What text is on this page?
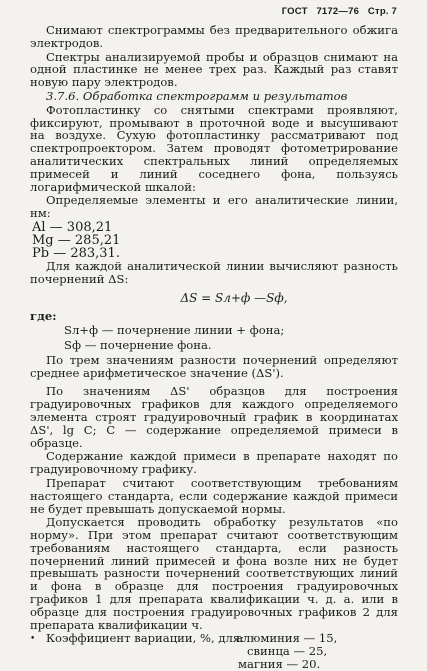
ГОСТ 7172—76 Стр. 7

Снимают спектрограммы без предварительного обжига электродов.

Спектры анализируемой пробы и образцов снимают на одной пластинке не менее трех раз. Каждый раз ставят новую пару электродов.

3.7.6. Обработка спектрограмм и результатов

Фотопластинку со снятыми спектрами проявляют, фиксируют, промывают в проточной воде и высушивают на воздухе. Сухую фотопластинку рассматривают под спектропроектором. Затем проводят фотометрирование аналитических спектральных линий определяемых примесей и линий соседнего фона, пользуясь логарифмической шкалой:

Определяемые элементы и его аналитические линии, нм:

Al — 308,21

Mg — 285,21

Pb — 283,31.

Для каждой аналитической линии вычисляют разность почернений ΔS:

ΔS = Sл+ф —Sф,

где:

Sл+ф — почернение линии + фона;

Sф — почернение фона.

По трем значениям разности почернений определяют среднее арифметическое значение (ΔS').

По значениям ΔS' образцов для построения градуировочных графиков для каждого определяемого элемента строят градуировочный график в координатах ΔS', lg C; C — содержание определяемой примеси в образце.

Содержание каждой примеси в препарате находят по градуировочному графику.

Препарат считают соответствующим требованиям настоящего стандарта, если содержание каждой примеси не будет превышать допускаемой нормы.

Допускается проводить обработку результатов «по норму». При этом препарат считают соответствующим требованиям настоящего стандарта, если разность почернений линий примесей и фона возле них не будет превышать разности почернений соответствующих линий и фона в образце для построения градуировочных графиков 1 для препарата квалификации ч. д. а. или в образце для построения градуировочных графиков 2 для препарата квалификации ч.

• Коэффициент вариации, %, для:
алюминия — 15,
свинца — 25,
магния — 20.
